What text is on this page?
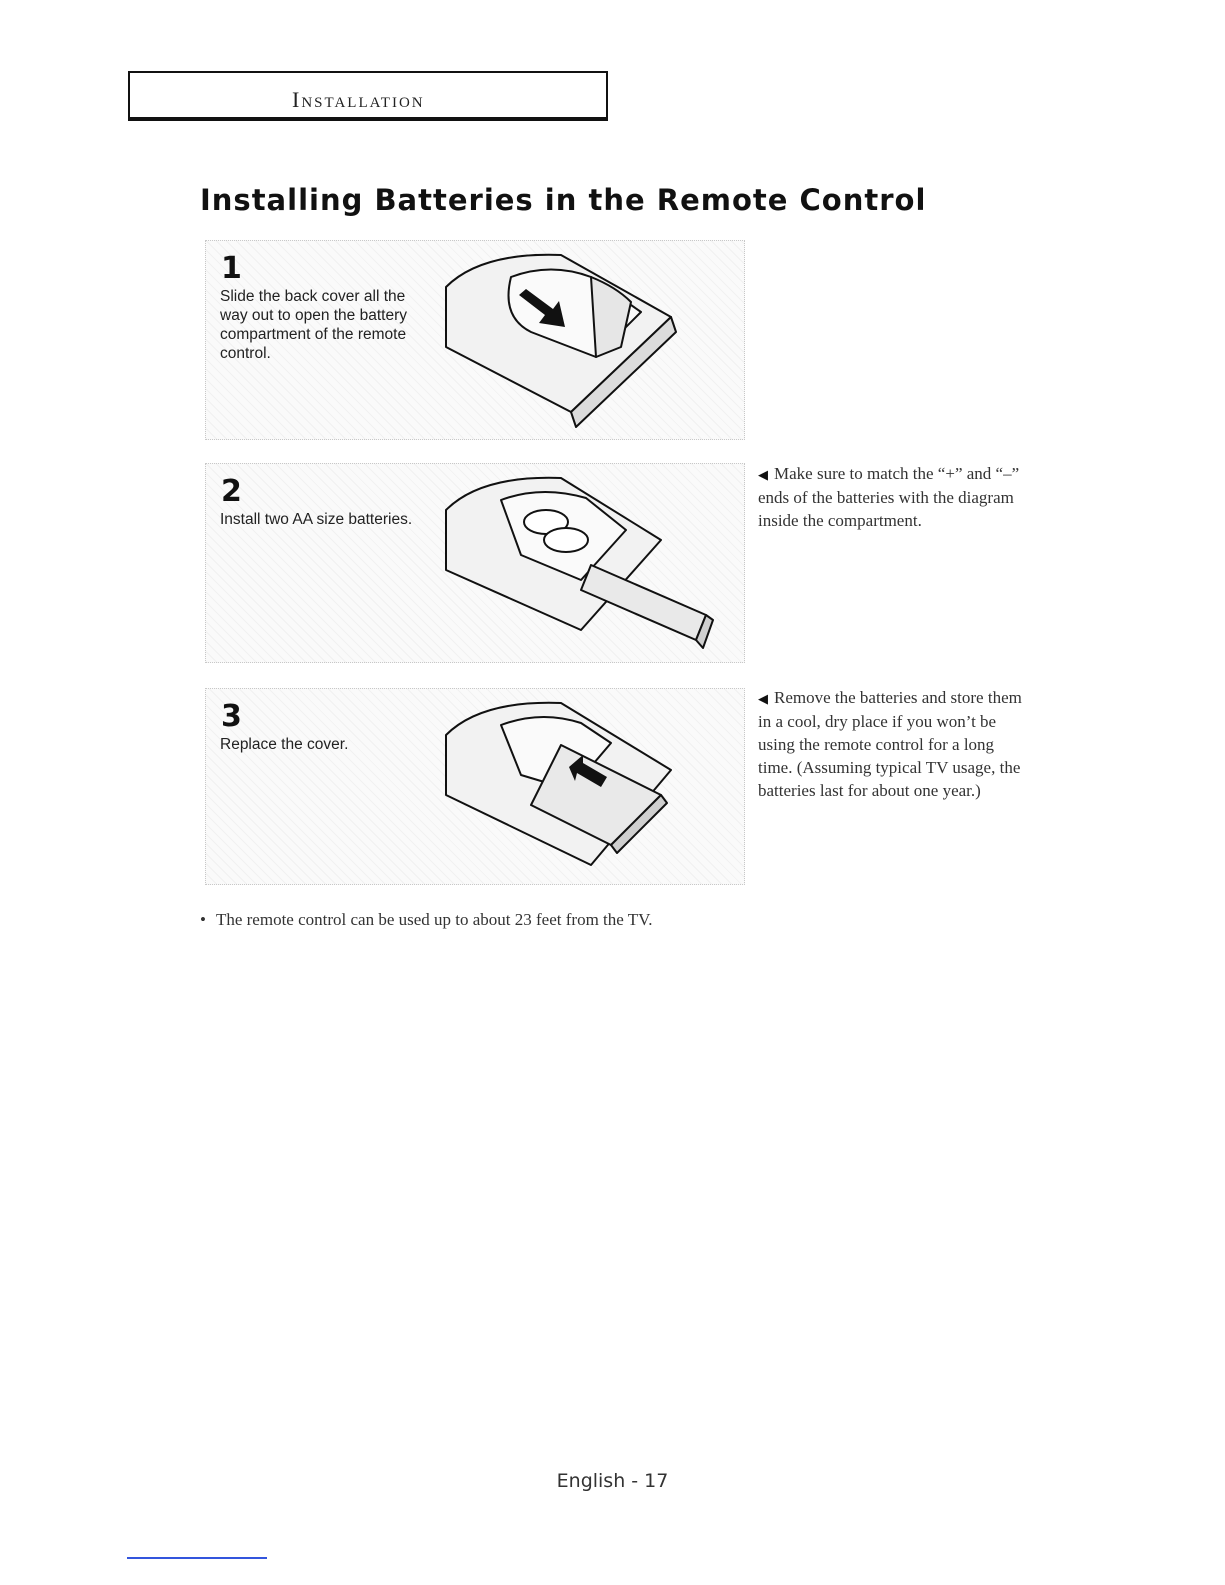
Installation
Installing Batteries in the Remote Control
1
Slide the back cover all the way out to open the battery compartment of the remote control.
2
Install two AA size batteries.
3
Replace the cover.

◀ Make sure to match the “+” and “–” ends of the batteries with the diagram inside the compartment.

◀ Remove the batteries and store them in a cool, dry place if you won’t be using the remote control for a long time. (Assuming typical TV usage, the batteries last for about one year.)

• The remote control can be used up to about 23 feet from the TV.

English - 17
